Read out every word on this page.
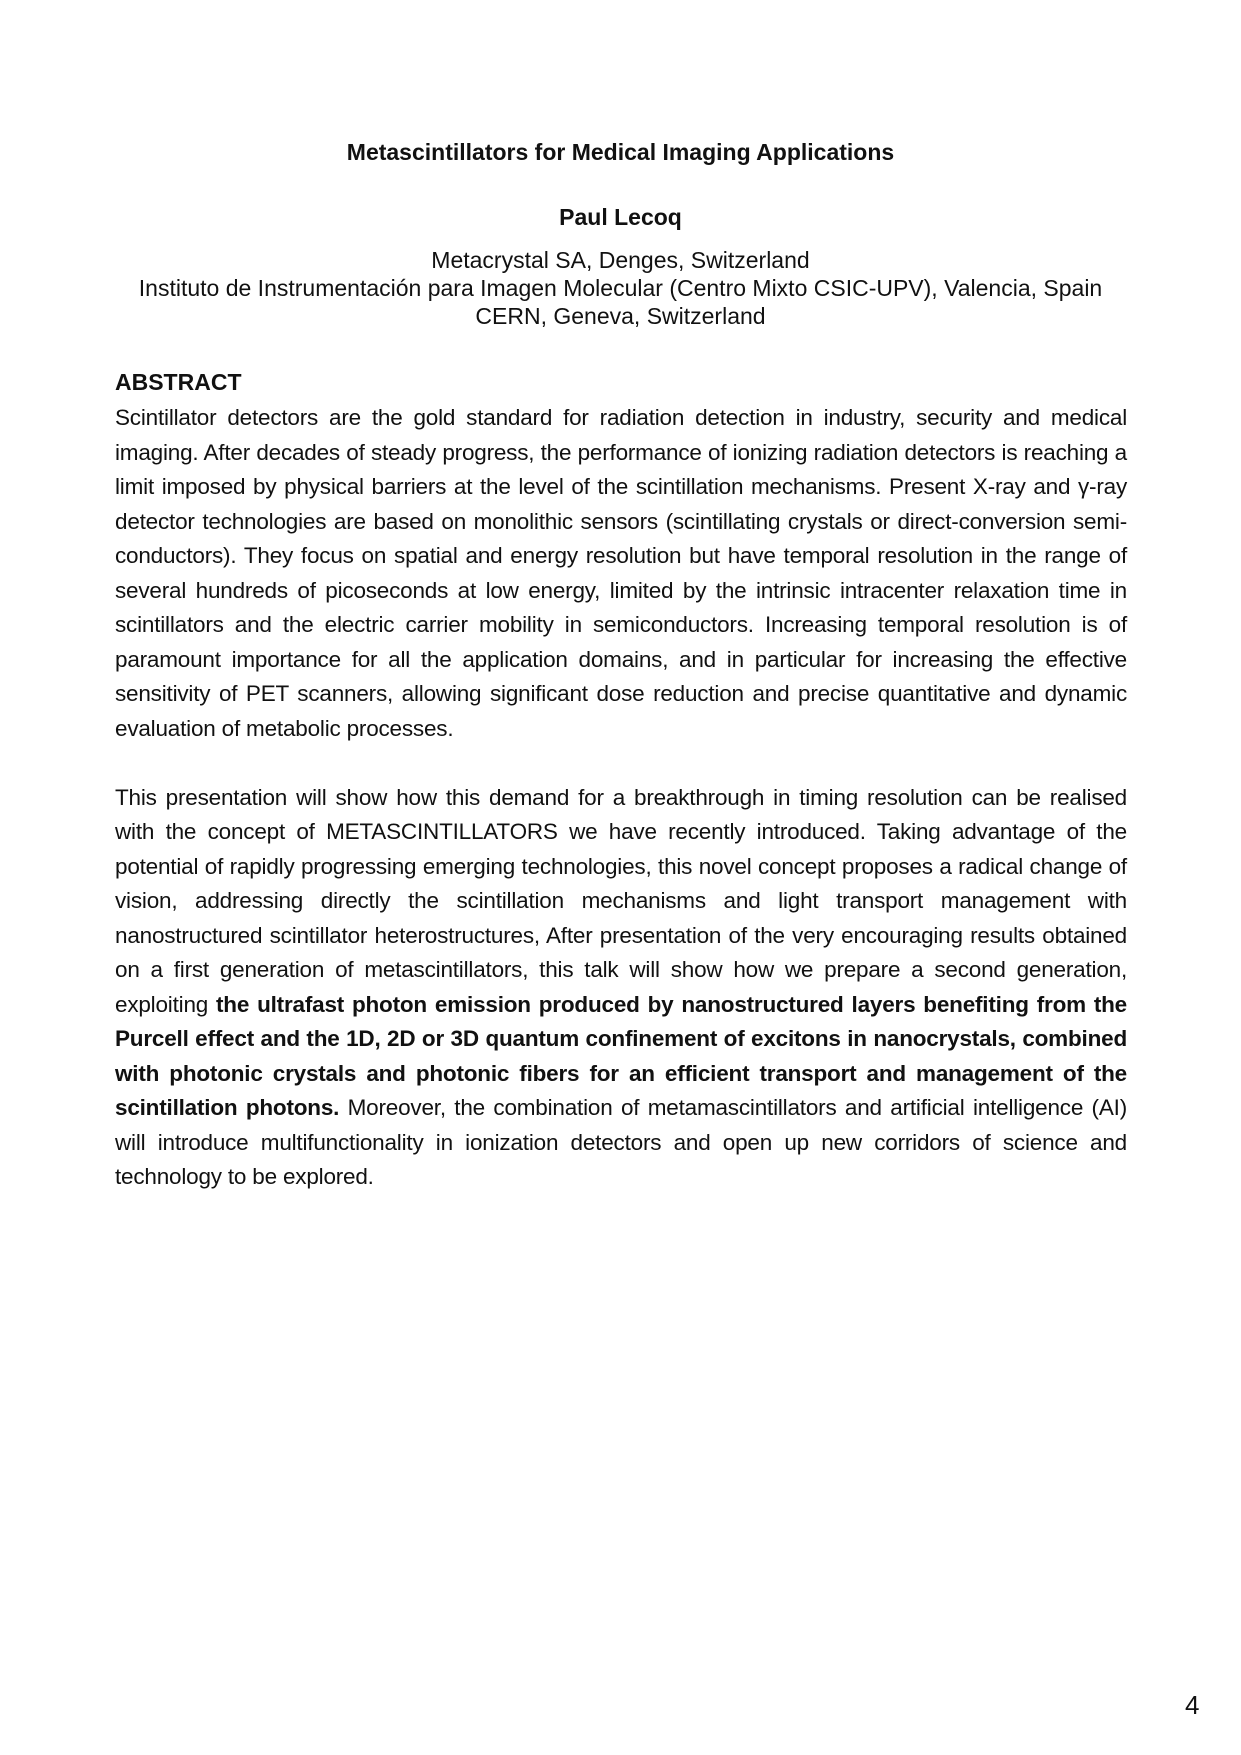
Metascintillators for Medical Imaging Applications
Paul Lecoq
Metacrystal SA, Denges, Switzerland
Instituto de Instrumentación para Imagen Molecular (Centro Mixto CSIC-UPV), Valencia, Spain
CERN, Geneva, Switzerland
ABSTRACT

Scintillator detectors are the gold standard for radiation detection in industry, security and medical imaging. After decades of steady progress, the performance of ionizing radiation detectors is reaching a limit imposed by physical barriers at the level of the scintillation mechanisms. Present X-ray and γ-ray detector technologies are based on monolithic sensors (scintillating crystals or direct-conversion semi-conductors). They focus on spatial and energy resolution but have temporal resolution in the range of several hundreds of picoseconds at low energy, limited by the intrinsic intracenter relaxation time in scintillators and the electric carrier mobility in semiconductors. Increasing temporal resolution is of paramount importance for all the application domains, and in particular for increasing the effective sensitivity of PET scanners, allowing significant dose reduction and precise quantitative and dynamic evaluation of metabolic processes.

This presentation will show how this demand for a breakthrough in timing resolution can be realised with the concept of METASCINTILLATORS we have recently introduced. Taking advantage of the potential of rapidly progressing emerging technologies, this novel concept proposes a radical change of vision, addressing directly the scintillation mechanisms and light transport management with nanostructured scintillator heterostructures, After presentation of the very encouraging results obtained on a first generation of metascintillators, this talk will show how we prepare a second generation, exploiting the ultrafast photon emission produced by nanostructured layers benefiting from the Purcell effect and the 1D, 2D or 3D quantum confinement of excitons in nanocrystals, combined with photonic crystals and photonic fibers for an efficient transport and management of the scintillation photons. Moreover, the combination of metamascintillators and artificial intelligence (AI) will introduce multifunctionality in ionization detectors and open up new corridors of science and technology to be explored.

4
